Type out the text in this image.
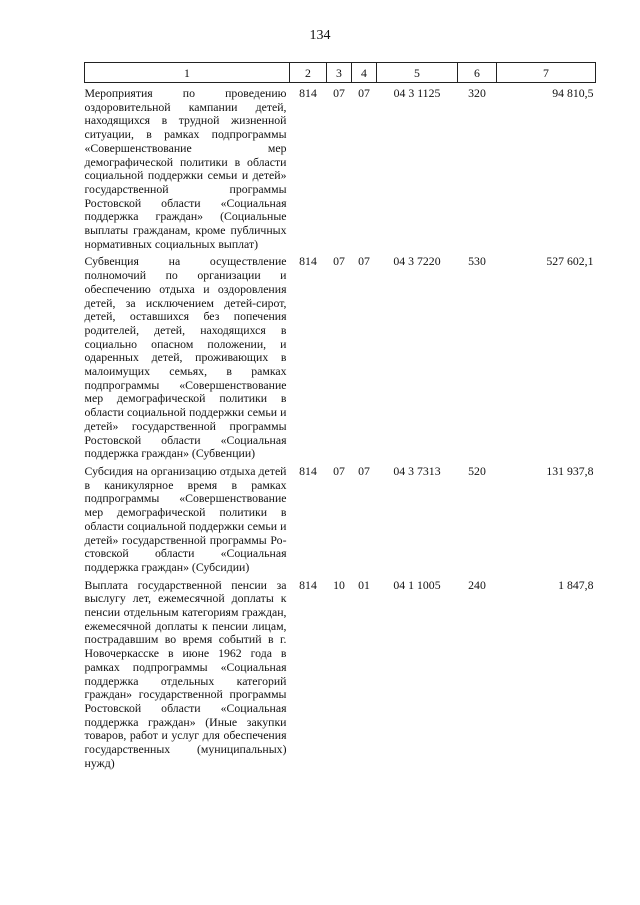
134
1	2	3	4	5	6	7
Мероприятия по проведению оздоровительной кампании детей, находящихся в трудной жизненной ситуации, в рамках подпрограммы «Совершенствование мер демографической политики в области социальной поддержки семьи и детей» государственной программы Ростовской области «Социальная поддержка граждан» (Социальные выплаты гражданам, кроме публичных нормативных социальных выплат)	814	07	07	04 3 1125	320	94 810,5
Субвенция на осуществление полномочий по организации и обеспечению отдыха и оздоровления детей, за исключением детей-сирот, детей, оставшихся без попечения родителей, детей, находящихся в социально опасном положении, и одаренных детей, проживающих в малоимущих семьях, в рамках подпрограммы «Совершенствование мер демографической политики в области социальной поддержки семьи и детей» государственной программы Ростовской области «Социальная поддержка граждан» (Субвенции)	814	07	07	04 3 7220	530	527 602,1
Субсидия на организацию отдыха детей в каникулярное время в рамках подпрограммы «Совершенствование мер демографической политики в области социальной поддержки семьи и детей» государственной программы Ростовской области «Социальная поддержка граждан» (Субсидии)	814	07	07	04 3 7313	520	131 937,8
Выплата государственной пенсии за выслугу лет, ежемесячной доплаты к пенсии отдельным категориям граждан, ежемесячной доплаты к пенсии лицам, пострадавшим во время событий в г. Новочеркасске в июне 1962 года в рамках подпрограммы «Социальная поддержка отдельных категорий граждан» государственной программы Ростовской области «Социальная поддержка граждан» (Иные закупки товаров, работ и услуг для обеспечения государственных (муниципальных) нужд)	814	10	01	04 1 1005	240	1 847,8
